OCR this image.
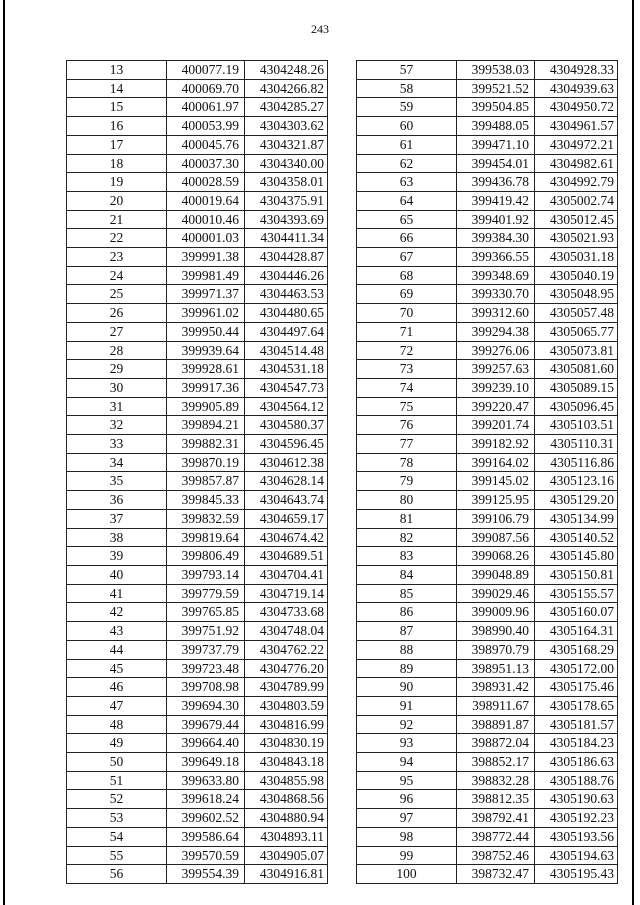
243
13	400077.19	4304248.26
14	400069.70	4304266.82
15	400061.97	4304285.27
16	400053.99	4304303.62
17	400045.76	4304321.87
18	400037.30	4304340.00
19	400028.59	4304358.01
20	400019.64	4304375.91
21	400010.46	4304393.69
22	400001.03	4304411.34
23	399991.38	4304428.87
24	399981.49	4304446.26
25	399971.37	4304463.53
26	399961.02	4304480.65
27	399950.44	4304497.64
28	399939.64	4304514.48
29	399928.61	4304531.18
30	399917.36	4304547.73
31	399905.89	4304564.12
32	399894.21	4304580.37
33	399882.31	4304596.45
34	399870.19	4304612.38
35	399857.87	4304628.14
36	399845.33	4304643.74
37	399832.59	4304659.17
38	399819.64	4304674.42
39	399806.49	4304689.51
40	399793.14	4304704.41
41	399779.59	4304719.14
42	399765.85	4304733.68
43	399751.92	4304748.04
44	399737.79	4304762.22
45	399723.48	4304776.20
46	399708.98	4304789.99
47	399694.30	4304803.59
48	399679.44	4304816.99
49	399664.40	4304830.19
50	399649.18	4304843.18
51	399633.80	4304855.98
52	399618.24	4304868.56
53	399602.52	4304880.94
54	399586.64	4304893.11
55	399570.59	4304905.07
56	399554.39	4304916.81
57	399538.03	4304928.33
58	399521.52	4304939.63
59	399504.85	4304950.72
60	399488.05	4304961.57
61	399471.10	4304972.21
62	399454.01	4304982.61
63	399436.78	4304992.79
64	399419.42	4305002.74
65	399401.92	4305012.45
66	399384.30	4305021.93
67	399366.55	4305031.18
68	399348.69	4305040.19
69	399330.70	4305048.95
70	399312.60	4305057.48
71	399294.38	4305065.77
72	399276.06	4305073.81
73	399257.63	4305081.60
74	399239.10	4305089.15
75	399220.47	4305096.45
76	399201.74	4305103.51
77	399182.92	4305110.31
78	399164.02	4305116.86
79	399145.02	4305123.16
80	399125.95	4305129.20
81	399106.79	4305134.99
82	399087.56	4305140.52
83	399068.26	4305145.80
84	399048.89	4305150.81
85	399029.46	4305155.57
86	399009.96	4305160.07
87	398990.40	4305164.31
88	398970.79	4305168.29
89	398951.13	4305172.00
90	398931.42	4305175.46
91	398911.67	4305178.65
92	398891.87	4305181.57
93	398872.04	4305184.23
94	398852.17	4305186.63
95	398832.28	4305188.76
96	398812.35	4305190.63
97	398792.41	4305192.23
98	398772.44	4305193.56
99	398752.46	4305194.63
100	398732.47	4305195.43
